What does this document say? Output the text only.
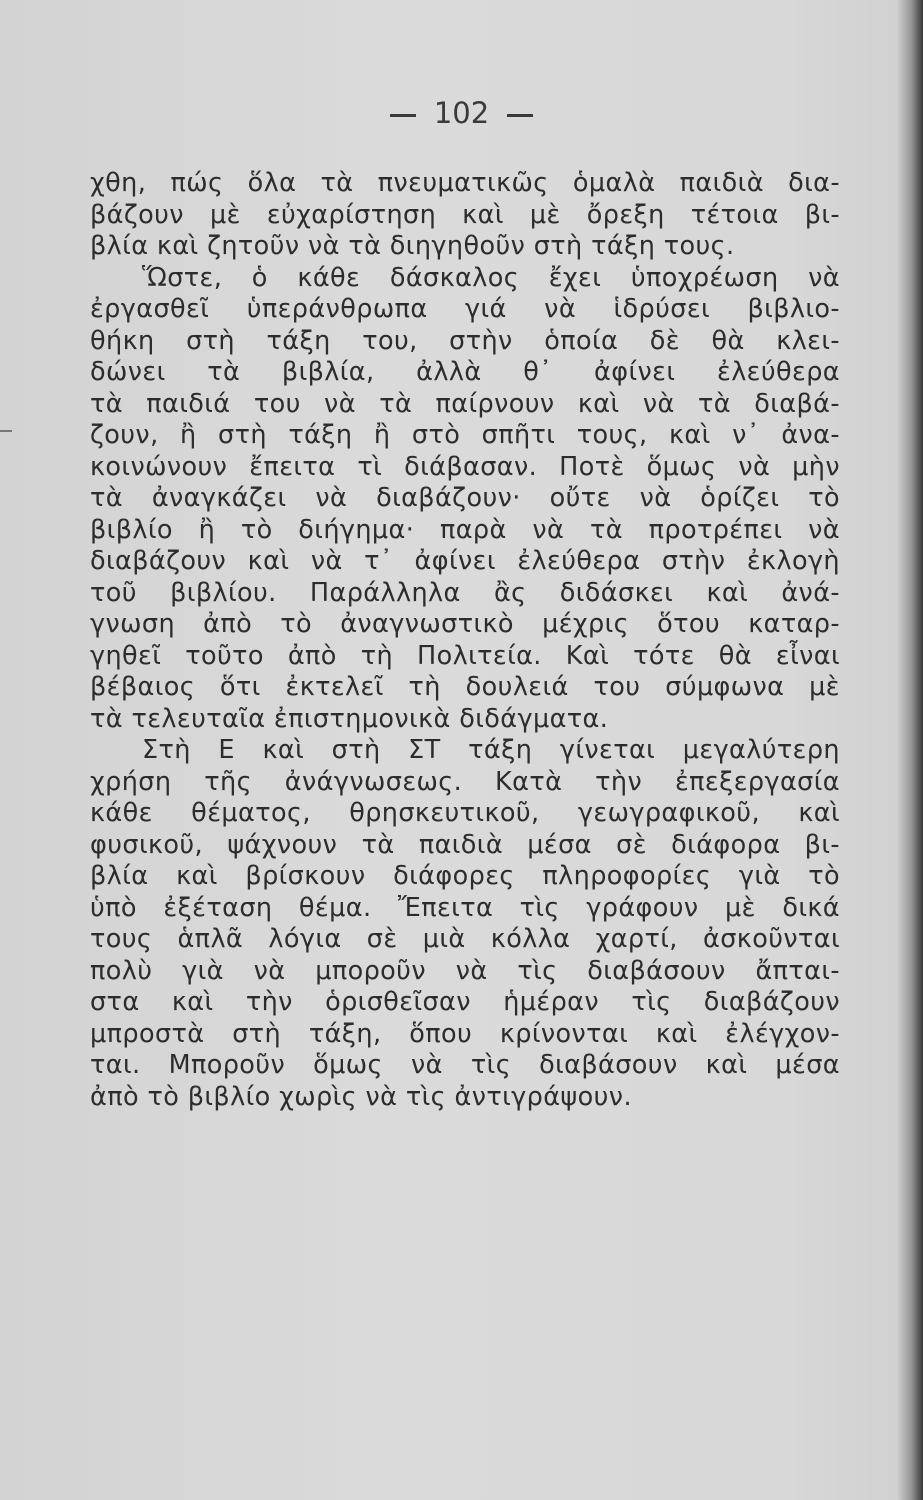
102
χθη, πώς ὅλα τὰ πνευματικῶς ὁμαλὰ παιδιὰ δια-
βάζουν μὲ εὐχαρίστηση καὶ μὲ ὄρεξη τέτοια βι-
βλία καὶ ζητοῦν νὰ τὰ διηγηθοῦν στὴ τάξη τους.
Ὥστε, ὁ κάθε δάσκαλος ἔχει ὑποχρέωση νὰ
ἐργασθεῖ ὑπεράνθρωπα γιά νὰ ἱδρύσει βιβλιο-
θήκη στὴ τάξη του, στὴν ὁποία δὲ θὰ κλει-
δώνει τὰ βιβλία, ἀλλὰ θ᾽ ἀφίνει ἐλεύθερα
τὰ παιδιά του νὰ τὰ παίρνουν καὶ νὰ τὰ διαβά-
ζουν, ἢ στὴ τάξη ἢ στὸ σπῆτι τους, καὶ ν᾽ ἀνα-
κοινώνουν ἔπειτα τὶ διάβασαν. Ποτὲ ὅμως νὰ μὴν
τὰ ἀναγκάζει νὰ διαβάζουν· οὔτε νὰ ὁρίζει τὸ
βιβλίο ἢ τὸ διήγημα· παρὰ νὰ τὰ προτρέπει νὰ
διαβάζουν καὶ νὰ τ᾽ ἀφίνει ἐλεύθερα στὴν ἐκλογὴ
τοῦ βιβλίου. Παράλληλα ἂς διδάσκει καὶ ἀνά-
γνωση ἀπὸ τὸ ἀναγνωστικὸ μέχρις ὅτου καταρ-
γηθεῖ τοῦτο ἀπὸ τὴ Πολιτεία. Καὶ τότε θὰ εἶναι
βέβαιος ὅτι ἐκτελεῖ τὴ δουλειά του σύμφωνα μὲ
τὰ τελευταῖα ἐπιστημονικὰ διδάγματα.
Στὴ Ε καὶ στὴ ΣΤ τάξη γίνεται μεγαλύτερη
χρήση τῆς ἀνάγνωσεως. Κατὰ τὴν ἐπεξεργασία
κάθε θέματος, θρησκευτικοῦ, γεωγραφικοῦ, καὶ
φυσικοῦ, ψάχνουν τὰ παιδιὰ μέσα σὲ διάφορα βι-
βλία καὶ βρίσκουν διάφορες πληροφορίες γιὰ τὸ
ὑπὸ ἐξέταση θέμα. Ἔπειτα τὶς γράφουν μὲ δικά
τους ἁπλᾶ λόγια σὲ μιὰ κόλλα χαρτί, ἀσκοῦνται
πολὺ γιὰ νὰ μποροῦν νὰ τὶς διαβάσουν ἄπται-
στα καὶ τὴν ὁρισθεῖσαν ἡμέραν τὶς διαβάζουν
μπροστὰ στὴ τάξη, ὅπου κρίνονται καὶ ἐλέγχον-
ται. Μποροῦν ὅμως νὰ τὶς διαβάσουν καὶ μέσα
ἀπὸ τὸ βιβλίο χωρὶς νὰ τὶς ἀντιγράψουν.
